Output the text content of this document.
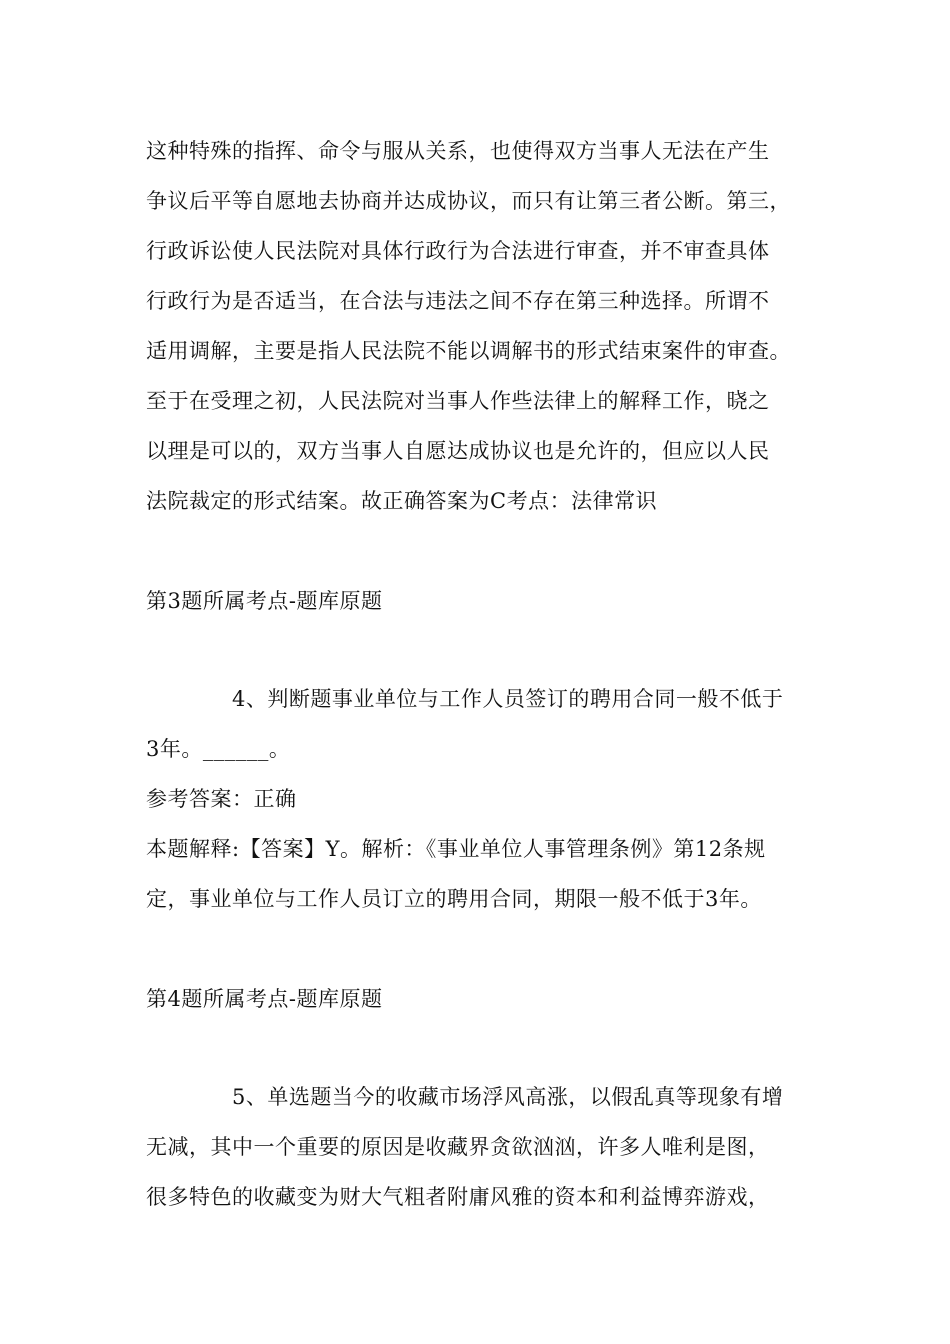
这种特殊的指挥、命令与服从关系，也使得双方当事人无法在产生
争议后平等自愿地去协商并达成协议，而只有让第三者公断。第三，
行政诉讼使人民法院对具体行政行为合法进行审查，并不审查具体
行政行为是否适当，在合法与违法之间不存在第三种选择。所谓不
适用调解，主要是指人民法院不能以调解书的形式结束案件的审查。
至于在受理之初，人民法院对当事人作些法律上的解释工作，晓之
以理是可以的，双方当事人自愿达成协议也是允许的，但应以人民
法院裁定的形式结案。故正确答案为C考点：法律常识
第3题所属考点-题库原题
4、判断题事业单位与工作人员签订的聘用合同一般不低于
3年。______。
参考答案：正确
本题解释:【答案】Y。解析：《事业单位人事管理条例》第12条规
定，事业单位与工作人员订立的聘用合同，期限一般不低于3年。
第4题所属考点-题库原题
5、单选题当今的收藏市场浮风高涨，以假乱真等现象有增
无减，其中一个重要的原因是收藏界贪欲汹汹，许多人唯利是图，
很多特色的收藏变为财大气粗者附庸风雅的资本和利益博弈游戏，
